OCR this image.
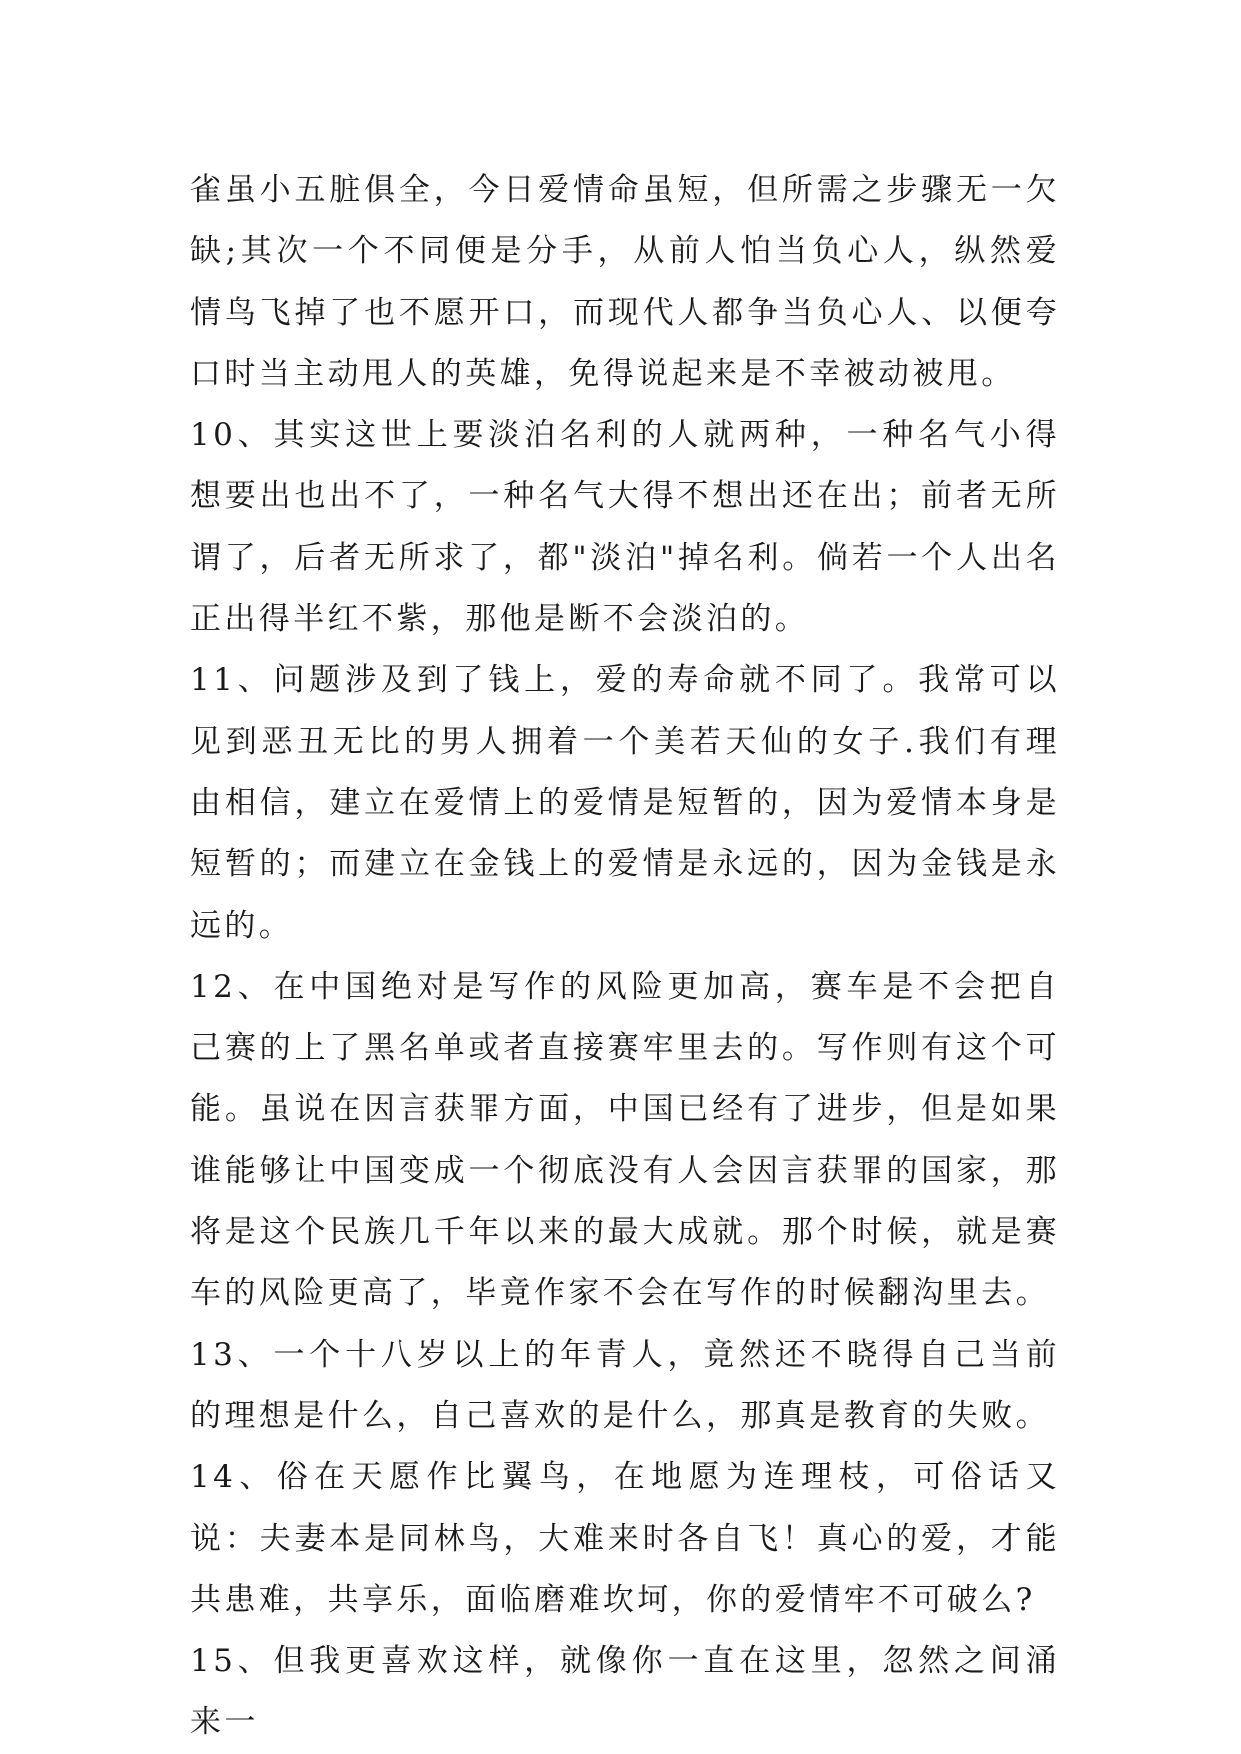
雀虽小五脏俱全，今日爱情命虽短，但所需之步骤无一欠缺;其次一个不同便是分手，从前人怕当负心人，纵然爱情鸟飞掉了也不愿开口，而现代人都争当负心人、以便夸口时当主动甩人的英雄，免得说起来是不幸被动被甩。

10、其实这世上要淡泊名利的人就两种，一种名气小得想要出也出不了，一种名气大得不想出还在出；前者无所谓了，后者无所求了，都"淡泊"掉名利。倘若一个人出名正出得半红不紫，那他是断不会淡泊的。

11、问题涉及到了钱上，爱的寿命就不同了。我常可以见到恶丑无比的男人拥着一个美若天仙的女子.我们有理由相信，建立在爱情上的爱情是短暂的，因为爱情本身是短暂的；而建立在金钱上的爱情是永远的，因为金钱是永远的。

12、在中国绝对是写作的风险更加高，赛车是不会把自己赛的上了黑名单或者直接赛牢里去的。写作则有这个可能。虽说在因言获罪方面，中国已经有了进步，但是如果谁能够让中国变成一个彻底没有人会因言获罪的国家，那将是这个民族几千年以来的最大成就。那个时候，就是赛车的风险更高了，毕竟作家不会在写作的时候翻沟里去。

13、一个十八岁以上的年青人，竟然还不晓得自己当前的理想是什么，自己喜欢的是什么，那真是教育的失败。

14、俗在天愿作比翼鸟，在地愿为连理枝，可俗话又说：夫妻本是同林鸟，大难来时各自飞！真心的爱，才能共患难，共享乐，面临磨难坎坷，你的爱情牢不可破么?

15、但我更喜欢这样，就像你一直在这里，忽然之间涌来一
